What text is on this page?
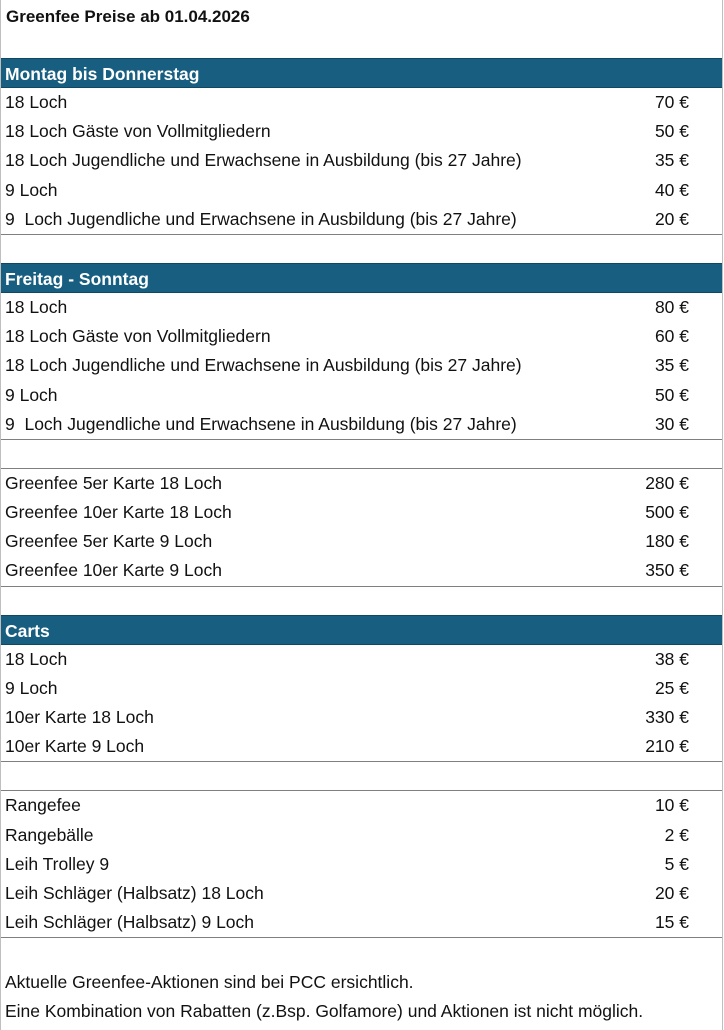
Greenfee Preise ab 01.04.2026
Montag bis Donnerstag
18 Loch	70 €
18 Loch Gäste von Vollmitgliedern	50 €
18 Loch Jugendliche und Erwachsene in Ausbildung (bis 27 Jahre)	35 €
9 Loch	40 €
9  Loch Jugendliche und Erwachsene in Ausbildung (bis 27 Jahre)	20 €
Freitag - Sonntag
18 Loch	80 €
18 Loch Gäste von Vollmitgliedern	60 €
18 Loch Jugendliche und Erwachsene in Ausbildung (bis 27 Jahre)	35 €
9 Loch	50 €
9  Loch Jugendliche und Erwachsene in Ausbildung (bis 27 Jahre)	30 €
Greenfee 5er Karte 18 Loch	280 €
Greenfee 10er Karte 18 Loch	500 €
Greenfee 5er Karte 9 Loch	180 €
Greenfee 10er Karte 9 Loch	350 €
Carts
18 Loch	38 €
9 Loch	25 €
10er Karte 18 Loch	330 €
10er Karte 9 Loch	210 €
Rangefee	10 €
Rangebälle	2 €
Leih Trolley 9	5 €
Leih Schläger (Halbsatz) 18 Loch	20 €
Leih Schläger (Halbsatz) 9 Loch	15 €
Aktuelle Greenfee-Aktionen sind bei PCC ersichtlich.
Eine Kombination von Rabatten (z.Bsp. Golfamore) und Aktionen ist nicht möglich.
